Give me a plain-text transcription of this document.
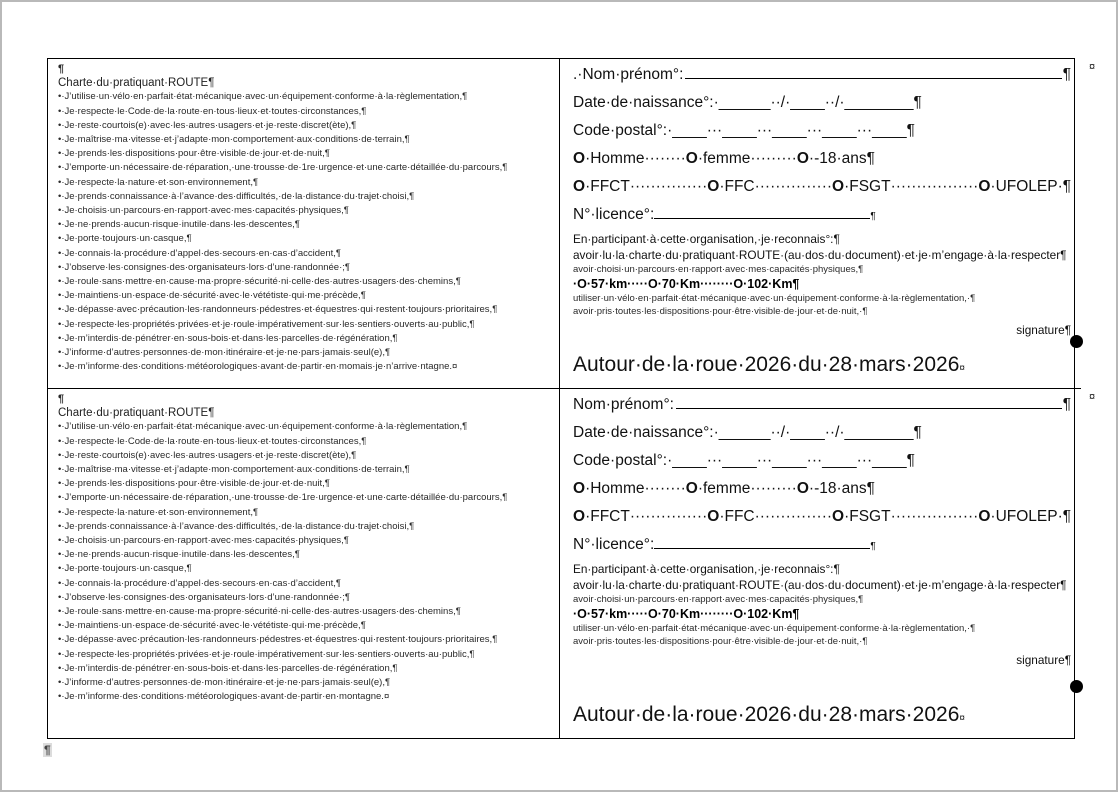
¶
Charte·du·pratiquant·ROUTE¶
•·J’utilise·un·vélo·en·parfait·état·mécanique·avec·un·équipement·conforme·à·la·règlementation,¶
•·Je·respecte·le·Code·de·la·route·en·tous·lieux·et·toutes·circonstances,¶
•·Je·reste·courtois(e)·avec·les·autres·usagers·et·je·reste·discret(ète),¶
•·Je·maîtrise·ma·vitesse·et·j’adapte·mon·comportement·aux·conditions·de·terrain,¶
•·Je·prends·les·dispositions·pour·être·visible·de·jour·et·de·nuit,¶
•·J’emporte·un·nécessaire·de·réparation,·une·trousse·de·1re·urgence·et·une·carte·détaillée·du·parcours,¶
•·Je·respecte·la·nature·et·son·environnement,¶
•·Je·prends·connaissance·à·l’avance·des·difficultés,·de·la·distance·du·trajet·choisi,¶
•·Je·choisis·un·parcours·en·rapport·avec·mes·capacités·physiques,¶
•·Je·ne·prends·aucun·risque·inutile·dans·les·descentes,¶
•·Je·porte·toujours·un·casque,¶
•·Je·connais·la·procédure·d’appel·des·secours·en·cas·d’accident,¶
•·J’observe·les·consignes·des·organisateurs·lors·d’une·randonnée·;¶
•·Je·roule·sans·mettre·en·cause·ma·propre·sécurité·ni·celle·des·autres·usagers·des·chemins,¶
•·Je·maintiens·un·espace·de·sécurité·avec·le·vététiste·qui·me·précède,¶
•·Je·dépasse·avec·précaution·les·randonneurs·pédestres·et·équestres·qui·restent·toujours·prioritaires,¶
•·Je·respecte·les·propriétés·privées·et·je·roule·impérativement·sur·les·sentiers·ouverts·au·public,¶
•·Je·m’interdis·de·pénétrer·en·sous-bois·et·dans·les·parcelles·de·régénération,¶
•·J’informe·d’autres·personnes·de·mon·itinéraire·et·je·ne·pars·jamais·seul(e),¶
•·Je·m’informe·des·conditions·météorologiques·avant·de·partir·en·momais·je·n’arrive·ntagne.¤
¤
.· Nom·prénom°:	¶
Date·de·naissance°:·______··/·____··/·________¶
Code·postal°:·____···____···____···____···____¶
O·Homme········O·femme·········O·-18·ans¶
O·FFCT···············O·FFC···············O·FSGT·················O·UFOLEP·¶
N°·licence°:	¶
En·participant·à·cette·organisation,·je·reconnais°:¶
avoir·lu·la·charte·du·pratiquant·ROUTE·(au·dos·du·document)·et·je·m’engage·à·la·respecter¶
avoir·choisi·un·parcours·en·rapport·avec·mes·capacités·physiques,¶
·O·57·km·····O·70·Km········O·102·Km¶
utiliser·un·vélo·en·parfait·état·mécanique·avec·un·équipement·conforme·à·la·règlementation,·¶
avoir·pris·toutes·les·dispositions·pour·être·visible·de·jour·et·de·nuit,·¶
signature¶
Autour·de·la·roue·2026·du·28·mars·2026¤
¶
Charte·du·pratiquant·ROUTE¶
•·J’utilise·un·vélo·en·parfait·état·mécanique·avec·un·équipement·conforme·à·la·règlementation,¶
•·Je·respecte·le·Code·de·la·route·en·tous·lieux·et·toutes·circonstances,¶
•·Je·reste·courtois(e)·avec·les·autres·usagers·et·je·reste·discret(ète),¶
•·Je·maîtrise·ma·vitesse·et·j’adapte·mon·comportement·aux·conditions·de·terrain,¶
•·Je·prends·les·dispositions·pour·être·visible·de·jour·et·de·nuit,¶
•·J’emporte·un·nécessaire·de·réparation,·une·trousse·de·1re·urgence·et·une·carte·détaillée·du·parcours,¶
•·Je·respecte·la·nature·et·son·environnement,¶
•·Je·prends·connaissance·à·l’avance·des·difficultés,·de·la·distance·du·trajet·choisi,¶
•·Je·choisis·un·parcours·en·rapport·avec·mes·capacités·physiques,¶
•·Je·ne·prends·aucun·risque·inutile·dans·les·descentes,¶
•·Je·porte·toujours·un·casque,¶
•·Je·connais·la·procédure·d’appel·des·secours·en·cas·d’accident,¶
•·J’observe·les·consignes·des·organisateurs·lors·d’une·randonnée·;¶
•·Je·roule·sans·mettre·en·cause·ma·propre·sécurité·ni·celle·des·autres·usagers·des·chemins,¶
•·Je·maintiens·un·espace·de·sécurité·avec·le·vététiste·qui·me·précède,¶
•·Je·dépasse·avec·précaution·les·randonneurs·pédestres·et·équestres·qui·restent·toujours·prioritaires,¶
•·Je·respecte·les·propriétés·privées·et·je·roule·impérativement·sur·les·sentiers·ouverts·au·public,¶
•·Je·m’interdis·de·pénétrer·en·sous-bois·et·dans·les·parcelles·de·régénération,¶
•·J’informe·d’autres·personnes·de·mon·itinéraire·et·je·ne·pars·jamais·seul(e),¶
•·Je·m’informe·des·conditions·météorologiques·avant·de·partir·en·montagne.¤
¤
Nom·prénom°:	¶
Date·de·naissance°:·______··/·____··/·________¶
Code·postal°:·____···____···____···____···____¶
O·Homme········O·femme·········O·-18·ans¶
O·FFCT···············O·FFC···············O·FSGT·················O·UFOLEP·¶
N°·licence°:	¶
En·participant·à·cette·organisation,·je·reconnais°:¶
avoir·lu·la·charte·du·pratiquant·ROUTE·(au·dos·du·document)·et·je·m’engage·à·la·respecter¶
avoir·choisi·un·parcours·en·rapport·avec·mes·capacités·physiques,¶
·O·57·km·····O·70·Km········O·102·Km¶
utiliser·un·vélo·en·parfait·état·mécanique·avec·un·équipement·conforme·à·la·règlementation,·¶
avoir·pris·toutes·les·dispositions·pour·être·visible·de·jour·et·de·nuit,·¶
signature¶
Autour·de·la·roue·2026·du·28·mars·2026¤
¶
